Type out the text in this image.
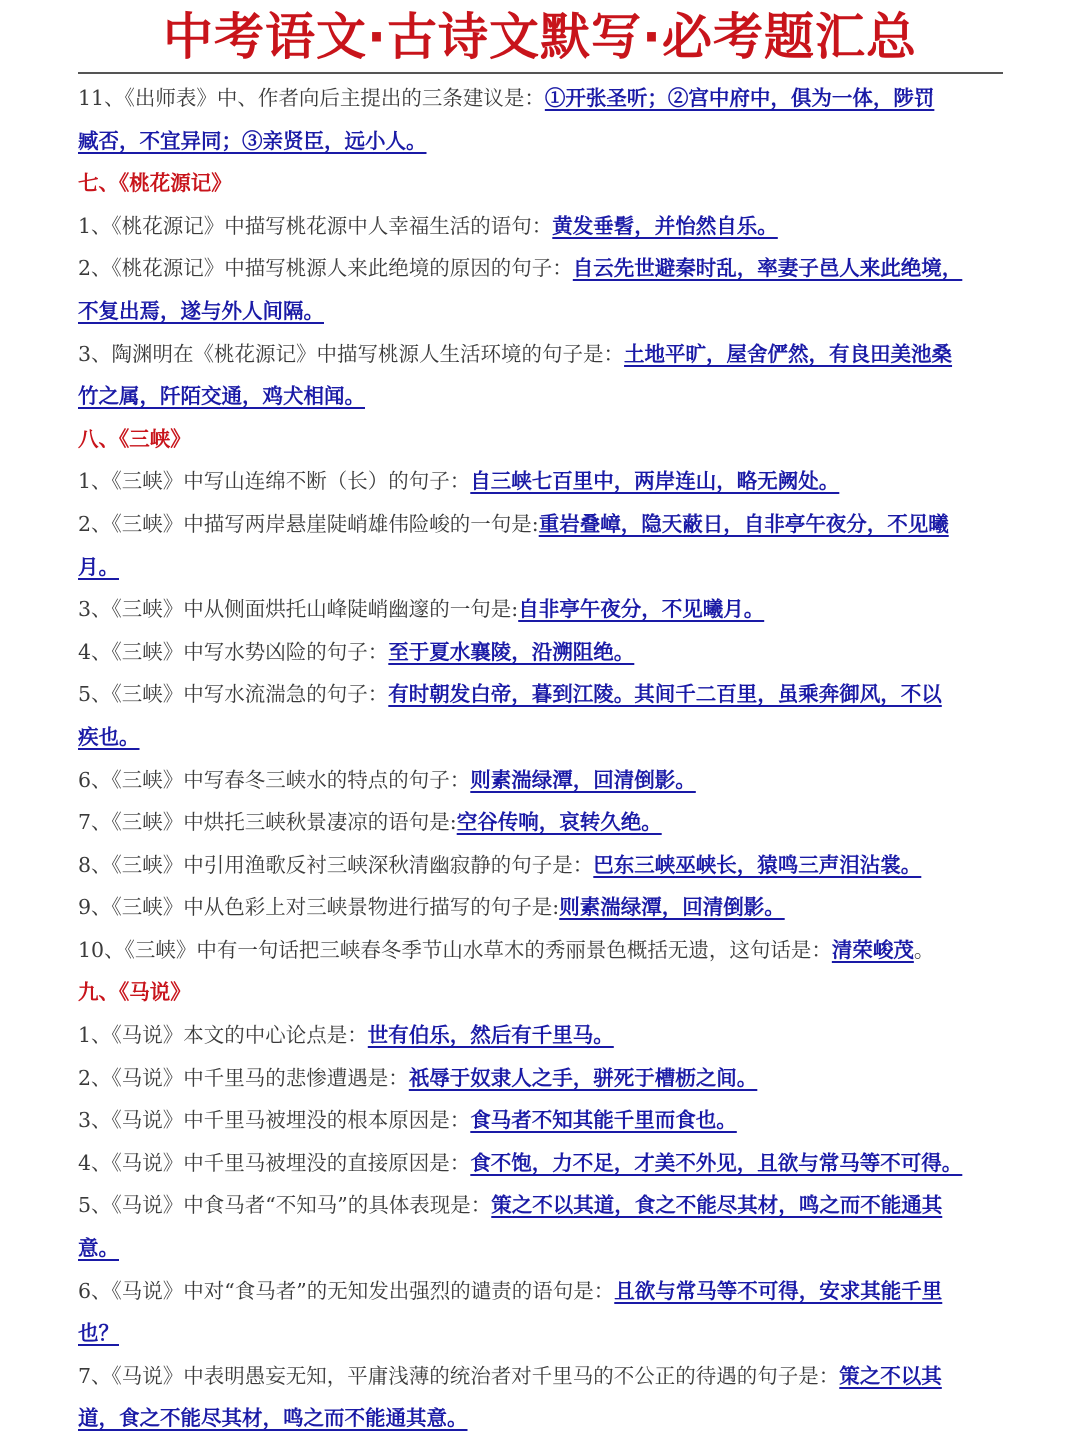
中考语文·古诗文默写·必考题汇总
11、《出师表》中、作者向后主提出的三条建议是：①开张圣听；②宫中府中，俱为一体，陟罚
臧否，不宜异同；③亲贤臣，远小人。
七、《桃花源记》
1、《桃花源记》中描写桃花源中人幸福生活的语句：黄发垂髫，并怡然自乐。
2、《桃花源记》中描写桃源人来此绝境的原因的句子：自云先世避秦时乱，率妻子邑人来此绝境，
不复出焉，遂与外人间隔。
3、陶渊明在《桃花源记》中描写桃源人生活环境的句子是：土地平旷，屋舍俨然，有良田美池桑
竹之属，阡陌交通，鸡犬相闻。
八、《三峡》
1、《三峡》中写山连绵不断（长）的句子：自三峡七百里中，两岸连山，略无阙处。
2、《三峡》中描写两岸悬崖陡峭雄伟险峻的一句是:重岩叠嶂，隐天蔽日，自非亭午夜分，不见曦
月。
3、《三峡》中从侧面烘托山峰陡峭幽邃的一句是:自非亭午夜分，不见曦月。
4、《三峡》中写水势凶险的句子：至于夏水襄陵，沿溯阻绝。
5、《三峡》中写水流湍急的句子：有时朝发白帝，暮到江陵。其间千二百里，虽乘奔御风，不以
疾也。
6、《三峡》中写春冬三峡水的特点的句子：则素湍绿潭，回清倒影。
7、《三峡》中烘托三峡秋景凄凉的语句是:空谷传响，哀转久绝。
8、《三峡》中引用渔歌反衬三峡深秋清幽寂静的句子是：巴东三峡巫峡长，猿鸣三声泪沾裳。
9、《三峡》中从色彩上对三峡景物进行描写的句子是:则素湍绿潭，回清倒影。
10、《三峡》中有一句话把三峡春冬季节山水草木的秀丽景色概括无遗，这句话是：清荣峻茂。
九、《马说》
1、《马说》本文的中心论点是：世有伯乐，然后有千里马。
2、《马说》中千里马的悲惨遭遇是：祇辱于奴隶人之手，骈死于槽枥之间。
3、《马说》中千里马被埋没的根本原因是：食马者不知其能千里而食也。
4、《马说》中千里马被埋没的直接原因是：食不饱，力不足，才美不外见，且欲与常马等不可得。
5、《马说》中食马者“不知马”的具体表现是：策之不以其道，食之不能尽其材，鸣之而不能通其
意。
6、《马说》中对“食马者”的无知发出强烈的谴责的语句是：且欲与常马等不可得，安求其能千里
也？
7、《马说》中表明愚妄无知，平庸浅薄的统治者对千里马的不公正的待遇的句子是：策之不以其
道，食之不能尽其材，鸣之而不能通其意。
